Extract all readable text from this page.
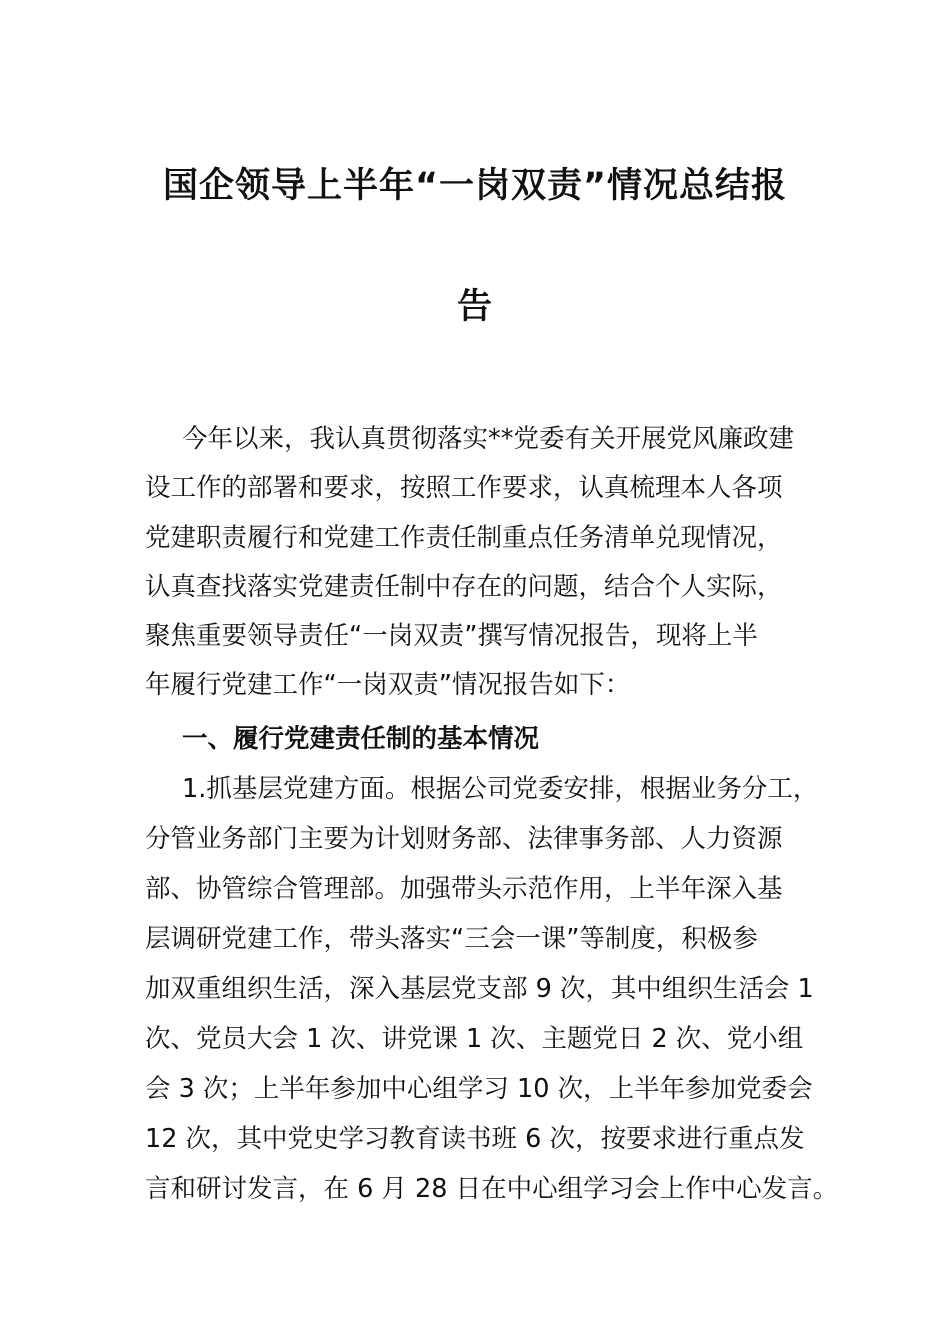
国企领导上半年“一岗双责”情况总结报
告
今年以来，我认真贯彻落实**党委有关开展党风廉政建
设工作的部署和要求，按照工作要求，认真梳理本人各项
党建职责履行和党建工作责任制重点任务清单兑现情况，
认真查找落实党建责任制中存在的问题，结合个人实际，
聚焦重要领导责任“一岗双责”撰写情况报告，现将上半
年履行党建工作“一岗双责”情况报告如下：
一、履行党建责任制的基本情况
1.抓基层党建方面。根据公司党委安排，根据业务分工，
分管业务部门主要为计划财务部、法律事务部、人力资源
部、协管综合管理部。加强带头示范作用，上半年深入基
层调研党建工作，带头落实“三会一课”等制度，积极参
加双重组织生活，深入基层党支部 9 次，其中组织生活会 1
次、党员大会 1 次、讲党课 1 次、主题党日 2 次、党小组
会 3 次；上半年参加中心组学习 10 次，上半年参加党委会
12 次，其中党史学习教育读书班 6 次，按要求进行重点发
言和研讨发言，在 6 月 28 日在中心组学习会上作中心发言。
